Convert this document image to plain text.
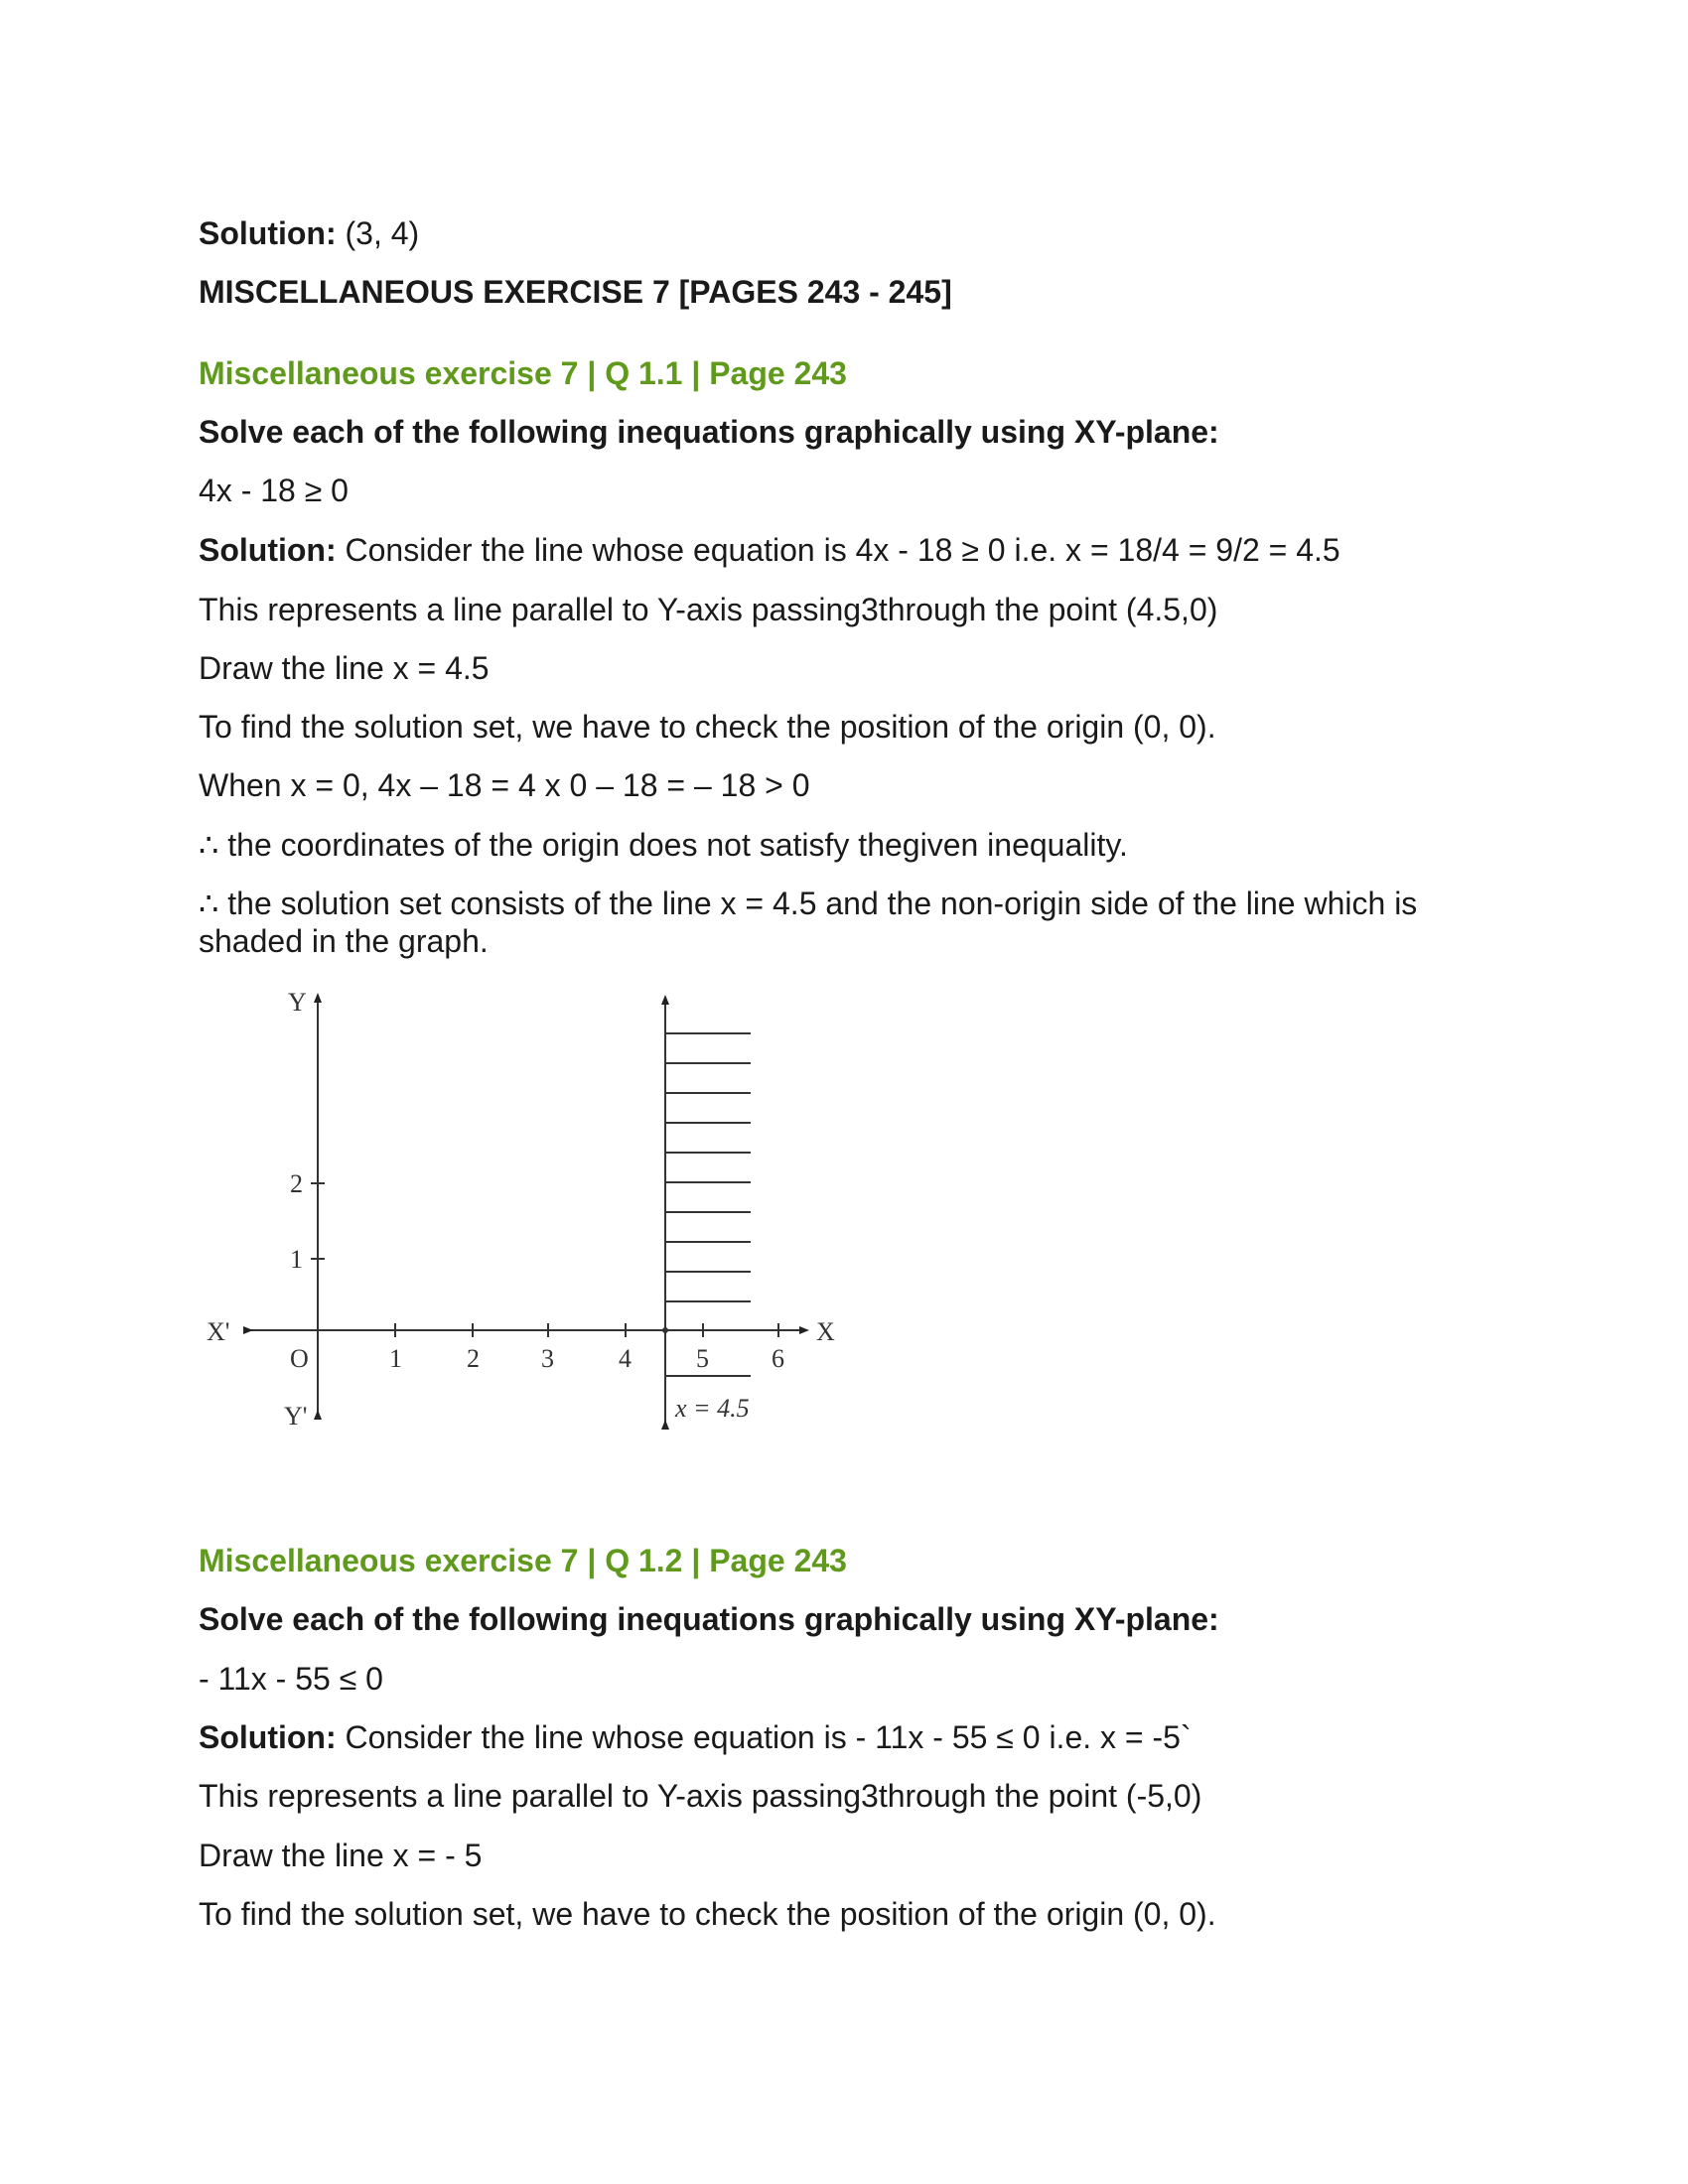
Solution: (3, 4)
MISCELLANEOUS EXERCISE 7 [PAGES 243 - 245]
Miscellaneous exercise 7 | Q 1.1 | Page 243
Solve each of the following inequations graphically using XY-plane:
4x - 18 ≥ 0
Solution: Consider the line whose equation is 4x - 18 ≥ 0 i.e. x = 18/4 = 9/2 = 4.5
This represents a line parallel to Y-axis passing3through the point (4.5,0)
Draw the line x = 4.5
To find the solution set, we have to check the position of the origin (0, 0).
When x = 0, 4x – 18 = 4 x 0 – 18 = – 18 > 0
∴ the coordinates of the origin does not satisfy thegiven inequality.
∴ the solution set consists of the line x = 4.5 and the non-origin side of the line which is shaded in the graph.
Y
Y'
X
X'
O
1
2
1	2 3	4	5 6
x = 4.5
Miscellaneous exercise 7 | Q 1.2 | Page 243
Solve each of the following inequations graphically using XY-plane:
- 11x - 55 ≤ 0
Solution: Consider the line whose equation is - 11x - 55 ≤ 0 i.e. x = -5`
This represents a line parallel to Y-axis passing3through the point (-5,0)
Draw the line x = - 5
To find the solution set, we have to check the position of the origin (0, 0).
